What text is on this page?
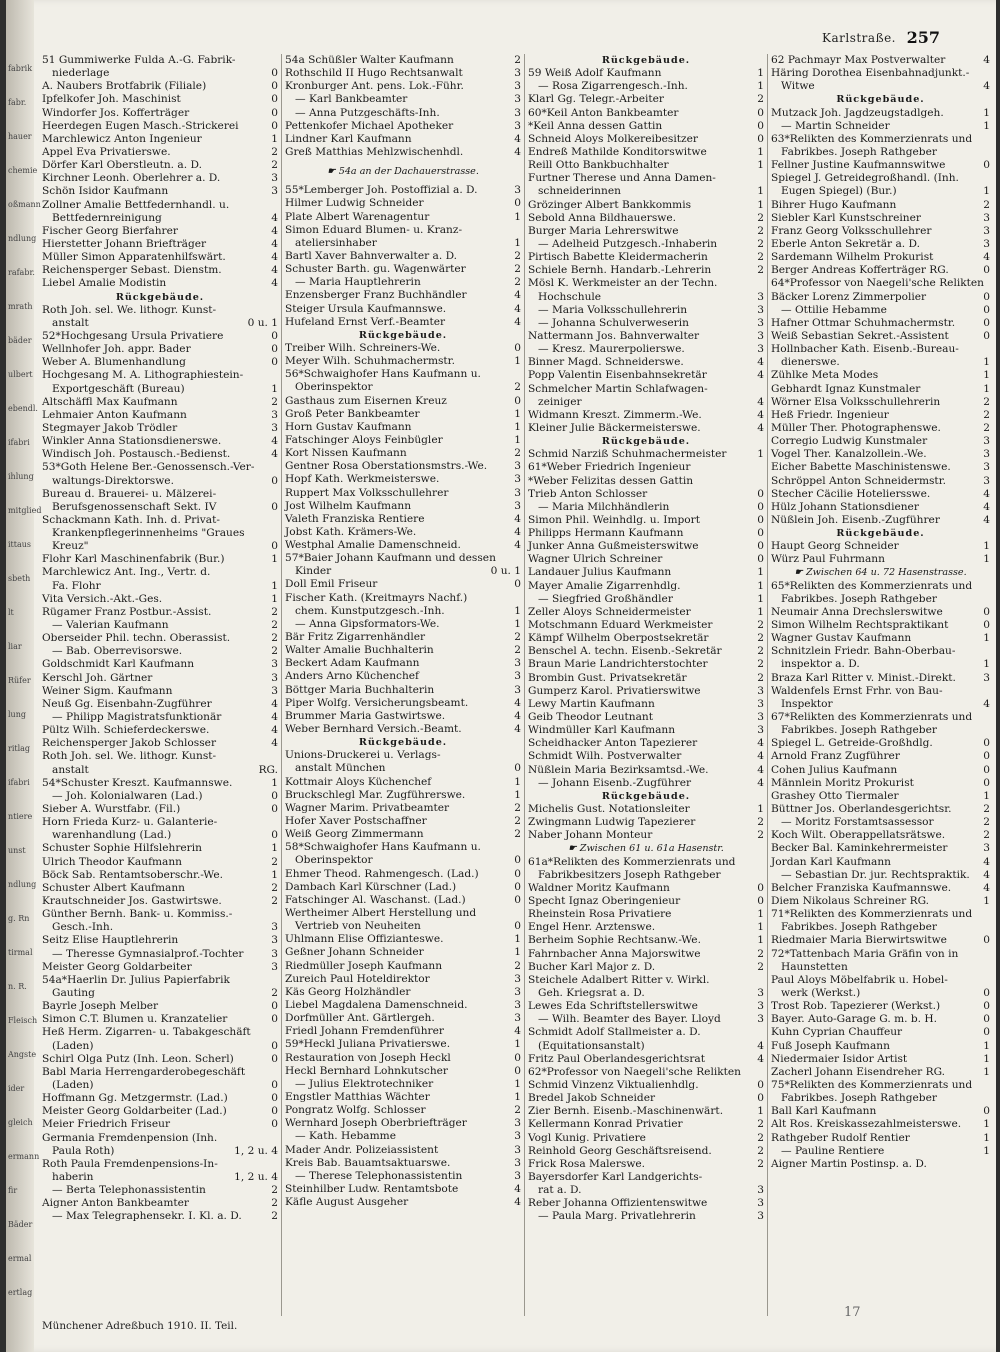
fabrik
fabr.
hauer
chemie
oßmann
ndlung
rafabr.
mrath
bäder
ulbert
ebendl.
ifabri
ihlung
mitglied
ittaus
sbeth
lt
liar
Rüfer
lung
ritlag
ifabri
ntiere
unst
ndlung
g. Rn
tirmal
n. R.
Fleisch
Angste
ider
gleich
ermann
fir
Bäder
ermal
ertlag
Karlstraße. 257
51 Gummiwerke Fulda A.-G. Fabrik-
niederlage	0
A. Naubers Brotfabrik (Filiale)	0
Ipfelkofer Joh. Maschinist	0
Windorfer Jos. Kofferträger	0
Heerdegen Eugen Masch.-Strickerei	0
Marchlewicz Anton Ingenieur	1
Appel Eva Privatierswe.	2
Dörfer Karl Oberstleutn. a. D.	2
Kirchner Leonh. Oberlehrer a. D.	3
Schön Isidor Kaufmann	3
Zollner Amalie Bettfedernhandl. u.
Bettfedernreinigung	4
Fischer Georg Bierfahrer	4
Hierstetter Johann Briefträger	4
Müller Simon Apparatenhilfswärt.	4
Reichensperger Sebast. Dienstm.	4
Liebel Amalie Modistin	4
Rückgebäude.
Roth Joh. sel. We. lithogr. Kunst-
anstalt	0 u. 1
52*Hochgesang Ursula Privatiere	0
Wellnhofer Joh. appr. Bader	0
Weber A. Blumenhandlung	0
Hochgesang M. A. Lithographiestein-
Exportgeschäft (Bureau)	1
Altschäffl Max Kaufmann	2
Lehmaier Anton Kaufmann	3
Stegmayer Jakob Trödler	3
Winkler Anna Stationsdienerswe.	4
Windisch Joh. Postausch.-Bedienst.	4
53*Goth Helene Ber.-Genossensch.-Ver-
waltungs-Direktorswe.	0
Bureau d. Brauerei- u. Mälzerei-
Berufsgenossenschaft Sekt. IV	0
Schackmann Kath. Inh. d. Privat-
Krankenpflegerinnenheims "Graues
Kreuz"	0
Flohr Karl Maschinenfabrik (Bur.)	1
Marchlewicz Ant. Ing., Vertr. d.
Fa. Flohr	1
Vita Versich.-Akt.-Ges.	1
Rügamer Franz Postbur.-Assist.	2
— Valerian Kaufmann	2
Oberseider Phil. techn. Oberassist.	2
— Bab. Oberrevisorswe.	2
Goldschmidt Karl Kaufmann	3
Kerschl Joh. Gärtner	3
Weiner Sigm. Kaufmann	3
Neuß Gg. Eisenbahn-Zugführer	4
— Philipp Magistratsfunktionär	4
Pültz Wilh. Schieferdeckerswe.	4
Reichensperger Jakob Schlosser	4
Roth Joh. sel. We. lithogr. Kunst-
anstalt	RG.
54*Schuster Kreszt. Kaufmannswe.	1
— Joh. Kolonialwaren (Lad.)	0
Sieber A. Wurstfabr. (Fil.)	0
Horn Frieda Kurz- u. Galanterie-
warenhandlung (Lad.)	0
Schuster Sophie Hilfslehrerin	1
Ulrich Theodor Kaufmann	2
Böck Sab. Rentamtsoberschr.-We.	1
Schuster Albert Kaufmann	2
Krautschneider Jos. Gastwirtswe.	2
Günther Bernh. Bank- u. Kommiss.-
Gesch.-Inh.	3
Seitz Elise Hauptlehrerin	3
— Theresse Gymnasialprof.-Tochter	3
Meister Georg Goldarbeiter	3
54a*Haerlin Dr. Julius Papierfabrik
Gauting	2
Bayrle Joseph Melber	0
Simon C.T. Blumen u. Kranzatelier	0
Heß Herm. Zigarren- u. Tabakgeschäft
(Laden)	0
Schirl Olga Putz (Inh. Leon. Scherl)	0
Babl Maria Herrengarderobegeschäft
(Laden)	0
Hoffmann Gg. Metzgermstr. (Lad.)	0
Meister Georg Goldarbeiter (Lad.)	0
Meier Friedrich Friseur	0
Germania Fremdenpension (Inh.
Paula Roth)	1, 2 u. 4
Roth Paula Fremdenpensions-In-
haberin	1, 2 u. 4
— Berta Telephonassistentin	2
Aigner Anton Bankbeamter	2
— Max Telegraphensekr. I. Kl. a. D.	2
54a Schüßler Walter Kaufmann	2
Rothschild II Hugo Rechtsanwalt	3
Kronburger Ant. pens. Lok.-Führ.	3
— Karl Bankbeamter	3
— Anna Putzgeschäfts-Inh.	3
Pettenkofer Michael Apotheker	3
Lindner Karl Kaufmann	4
Greß Matthias Mehlzwischenhdl.	4
☛ 54a an der Dachauerstrasse.
55*Lemberger Joh. Postoffizial a. D.	3
Hilmer Ludwig Schneider	0
Plate Albert Warenagentur	1
Simon Eduard Blumen- u. Kranz-
ateliersinhaber	1
Bartl Xaver Bahnverwalter a. D.	2
Schuster Barth. gu. Wagenwärter	2
— Maria Hauptlehrerin	2
Enzensberger Franz Buchhändler	4
Steiger Ursula Kaufmannswe.	4
Hufeland Ernst Verf.-Beamter	4
Rückgebäude.
Treiber Wilh. Schreiners-We.	0
Meyer Wilh. Schuhmachermstr.	1
56*Schwaighofer Hans Kaufmann u.
Oberinspektor	2
Gasthaus zum Eisernen Kreuz	0
Groß Peter Bankbeamter	1
Horn Gustav Kaufmann	1
Fatschinger Aloys Feinbügler	1
Kort Nissen Kaufmann	2
Gentner Rosa Oberstationsmstrs.-We.	3
Hopf Kath. Werkmeisterswe.	3
Ruppert Max Volksschullehrer	3
Jost Wilhelm Kaufmann	3
Valeth Franziska Rentiere	4
Jobst Kath. Krämers-We.	4
Westphal Amalie Damenschneid.	4
57*Baier Johann Kaufmann und dessen
Kinder	0 u. 1
Doll Emil Friseur	0
Fischer Kath. (Kreitmayrs Nachf.)
chem. Kunstputzgesch.-Inh.	1
— Anna Gipsformators-We.	1
Bär Fritz Zigarrenhändler	2
Walter Amalie Buchhalterin	2
Beckert Adam Kaufmann	3
Anders Arno Küchenchef	3
Böttger Maria Buchhalterin	3
Piper Wolfg. Versicherungsbeamt.	4
Brummer Maria Gastwirtswe.	4
Weber Bernhard Versich.-Beamt.	4
Rückgebäude.
Unions-Druckerei u. Verlags-
anstalt München	0
Kottmair Aloys Küchenchef	1
Bruckschlegl Mar. Zugführerswe.	1
Wagner Marim. Privatbeamter	2
Hofer Xaver Postschaffner	2
Weiß Georg Zimmermann	2
58*Schwaighofer Hans Kaufmann u.
Oberinspektor	0
Ehmer Theod. Rahmengesch. (Lad.)	0
Dambach Karl Kürschner (Lad.)	0
Fatschinger Al. Waschanst. (Lad.)	0
Wertheimer Albert Herstellung und
Vertrieb von Neuheiten	0
Uhlmann Elise Offizianteswe.	1
Geßner Johann Schneider	1
Riedmüller Joseph Kaufmann	2
Zureich Paul Hoteldirektor	3
Käs Georg Holzhändler	3
Liebel Magdalena Damenschneid.	3
Dorfmüller Ant. Gärtlergeh.	3
Friedl Johann Fremdenführer	4
59*Heckl Juliana Privatierswe.	1
Restauration von Joseph Heckl	0
Heckl Bernhard Lohnkutscher	0
— Julius Elektrotechniker	1
Engstler Matthias Wächter	1
Pongratz Wolfg. Schlosser	2
Wernhard Joseph Oberbriefträger	3
— Kath. Hebamme	3
Mader Andr. Polizeiassistent	3
Kreis Bab. Bauamtsaktuarswe.	3
— Therese Telephonassistentin	3
Steinhilber Ludw. Rentamtsbote	4
Käfle August Ausgeher	4
Rückgebäude.
59 Weiß Adolf Kaufmann	1
— Rosa Zigarrengesch.-Inh.	1
Klarl Gg. Telegr.-Arbeiter	2
60*Keil Anton Bankbeamter	0
*Keil Anna dessen Gattin	0
Schneid Aloys Molkereibesitzer	0
Endreß Mathilde Konditorswitwe	1
Reill Otto Bankbuchhalter	1
Furtner Therese und Anna Damen-
schneiderinnen	1
Grözinger Albert Bankkommis	1
Sebold Anna Bildhauerswe.	2
Burger Maria Lehrerswitwe	2
— Adelheid Putzgesch.-Inhaberin	2
Pirtisch Babette Kleidermacherin	2
Schiele Bernh. Handarb.-Lehrerin	2
Mösl K. Werkmeister an der Techn.
Hochschule	3
— Maria Volksschullehrerin	3
— Johanna Schulverweserin	3
Nattermann Jos. Bahnverwalter	3
— Kresz. Maurerpolierswe.	3
Binner Magd. Schneiderswe.	4
Popp Valentin Eisenbahnsekretär	4
Schmelcher Martin Schlafwagen-
zeiniger	4
Widmann Kreszt. Zimmerm.-We.	4
Kleiner Julie Bäckermeisterswe.	4
Rückgebäude.
Schmid Narziß Schuhmachermeister	1
61*Weber Friedrich Ingenieur
*Weber Felizitas dessen Gattin
Trieb Anton Schlosser	0
— Maria Milchhändlerin	0
Simon Phil. Weinhdlg. u. Import	0
Philipps Hermann Kaufmann	0
Junker Anna Gußmeisterswitwe	0
Wagner Ulrich Schreiner	0
Landauer Julius Kaufmann	1
Mayer Amalie Zigarrenhdlg.	1
— Siegfried Großhändler	1
Zeller Aloys Schneidermeister	1
Motschmann Eduard Werkmeister	2
Kämpf Wilhelm Oberpostsekretär	2
Benschel A. techn. Eisenb.-Sekretär	2
Braun Marie Landrichterstochter	2
Brombin Gust. Privatsekretär	2
Gumperz Karol. Privatierswitwe	3
Lewy Martin Kaufmann	3
Geib Theodor Leutnant	3
Windmüller Karl Kaufmann	3
Scheidhacker Anton Tapezierer	4
Schmidt Wilh. Postverwalter	4
Nüßlein Maria Bezirksamtsd.-We.	4
— Johann Eisenb.-Zugführer	4
Rückgebäude.
Michelis Gust. Notationsleiter	1
Zwingmann Ludwig Tapezierer	2
Naber Johann Monteur	2
☛ Zwischen 61 u. 61a Hasenstr.
61a*Relikten des Kommerzienrats und
Fabrikbesitzers Joseph Rathgeber
Waldner Moritz Kaufmann	0
Specht Ignaz Oberingenieur	0
Rheinstein Rosa Privatiere	1
Engel Henr. Arztenswe.	1
Berheim Sophie Rechtsanw.-We.	1
Fahrnbacher Anna Majorswitwe	2
Bucher Karl Major z. D.	2
Steichele Adalbert Ritter v. Wirkl.
Geh. Kriegsrat a. D.	3
Lewes Eda Schriftstellerswitwe	3
— Wilh. Beamter des Bayer. Lloyd	3
Schmidt Adolf Stallmeister a. D.
(Equitationsanstalt)	4
Fritz Paul Oberlandesgerichtsrat	4
62*Professor von Naegeli'sche Relikten
Schmid Vinzenz Viktualienhdlg.	0
Bredel Jakob Schneider	0
Zier Bernh. Eisenb.-Maschinenwärt.	1
Kellermann Konrad Privatier	2
Vogl Kunig. Privatiere	2
Reinhold Georg Geschäftsreisend.	2
Frick Rosa Malerswe.	2
Bayersdorfer Karl Landgerichts-
rat a. D.	3
Reber Johanna Offizientenswitwe	3
— Paula Marg. Privatlehrerin	3
62 Pachmayr Max Postverwalter	4
Häring Dorothea Eisenbahnadjunkt.-
Witwe	4
Rückgebäude.
Mutzack Joh. Jagdzeugstadlgeh.	1
— Martin Schneider	1
63*Relikten des Kommerzienrats und
Fabrikbes. Joseph Rathgeber
Fellner Justine Kaufmannswitwe	0
Spiegel J. Getreidegroßhandl. (Inh.
Eugen Spiegel) (Bur.)	1
Bihrer Hugo Kaufmann	2
Siebler Karl Kunstschreiner	3
Franz Georg Volksschullehrer	3
Eberle Anton Sekretär a. D.	3
Sardemann Wilhelm Prokurist	4
Berger Andreas Kofferträger RG.	0
64*Professor von Naegeli'sche Relikten
Bäcker Lorenz Zimmerpolier	0
— Ottilie Hebamme	0
Hafner Ottmar Schuhmachermstr.	0
Weiß Sebastian Sekret.-Assistent	0
Hollnbacher Kath. Eisenb.-Bureau-
dienerswe.	1
Zühlke Meta Modes	1
Gebhardt Ignaz Kunstmaler	1
Wörner Elsa Volksschullehrerin	2
Heß Friedr. Ingenieur	2
Müller Ther. Photographenswe.	2
Corregio Ludwig Kunstmaler	3
Vogel Ther. Kanalzollein.-We.	3
Eicher Babette Maschinistenswe.	3
Schröppel Anton Schneidermstr.	3
Stecher Cäcilie Hoteliersswe.	4
Hülz Johann Stationsdiener	4
Nüßlein Joh. Eisenb.-Zugführer	4
Rückgebäude.
Haupt Georg Schneider	1
Würz Paul Fuhrmann	1
☛ Zwischen 64 u. 72 Hasenstrasse.
65*Relikten des Kommerzienrats und
Fabrikbes. Joseph Rathgeber
Neumair Anna Drechslerswitwe	0
Simon Wilhelm Rechtspraktikant	0
Wagner Gustav Kaufmann	1
Schnitzlein Friedr. Bahn-Oberbau-
inspektor a. D.	1
Braza Karl Ritter v. Minist.-Direkt.	3
Waldenfels Ernst Frhr. von Bau-
Inspektor	4
67*Relikten des Kommerzienrats und
Fabrikbes. Joseph Rathgeber
Spiegel L. Getreide-Großhdlg.	0
Arnold Franz Zugführer	0
Cohen Julius Kaufmann	0
Männlein Moritz Prokurist	0
Grashey Otto Tiermaler	1
Büttner Jos. Oberlandesgerichtsr.	2
— Moritz Forstamtsassessor	2
Koch Wilt. Oberappellatsrätswe.	2
Becker Bal. Kaminkehrermeister	3
Jordan Karl Kaufmann	4
— Sebastian Dr. jur. Rechtspraktik. 4
Belcher Franziska Kaufmannswe.	4
Diem Nikolaus Schreiner RG.	1
71*Relikten des Kommerzienrats und
Fabrikbes. Joseph Rathgeber
Riedmaier Maria Bierwirtswitwe	0
72*Tattenbach Maria Gräfin von in
Haunstetten
Paul Aloys Möbelfabrik u. Hobel-
werk (Werkst.)	0
Trost Rob. Tapezierer (Werkst.)	0
Bayer. Auto-Garage G. m. b. H.	0
Kuhn Cyprian Chauffeur	0
Fuß Joseph Kaufmann	1
Niedermaier Isidor Artist	1
Zacherl Johann Eisendreher RG.	1
75*Relikten des Kommerzienrats und
Fabrikbes. Joseph Rathgeber
Ball Karl Kaufmann	0
Alt Ros. Kreiskassezahlmeisterswe. 1
Rathgeber Rudolf Rentier	1
— Pauline Rentiere	1
Aigner Martin Postinsp. a. D.
Münchener Adreßbuch 1910. II. Teil.
17
